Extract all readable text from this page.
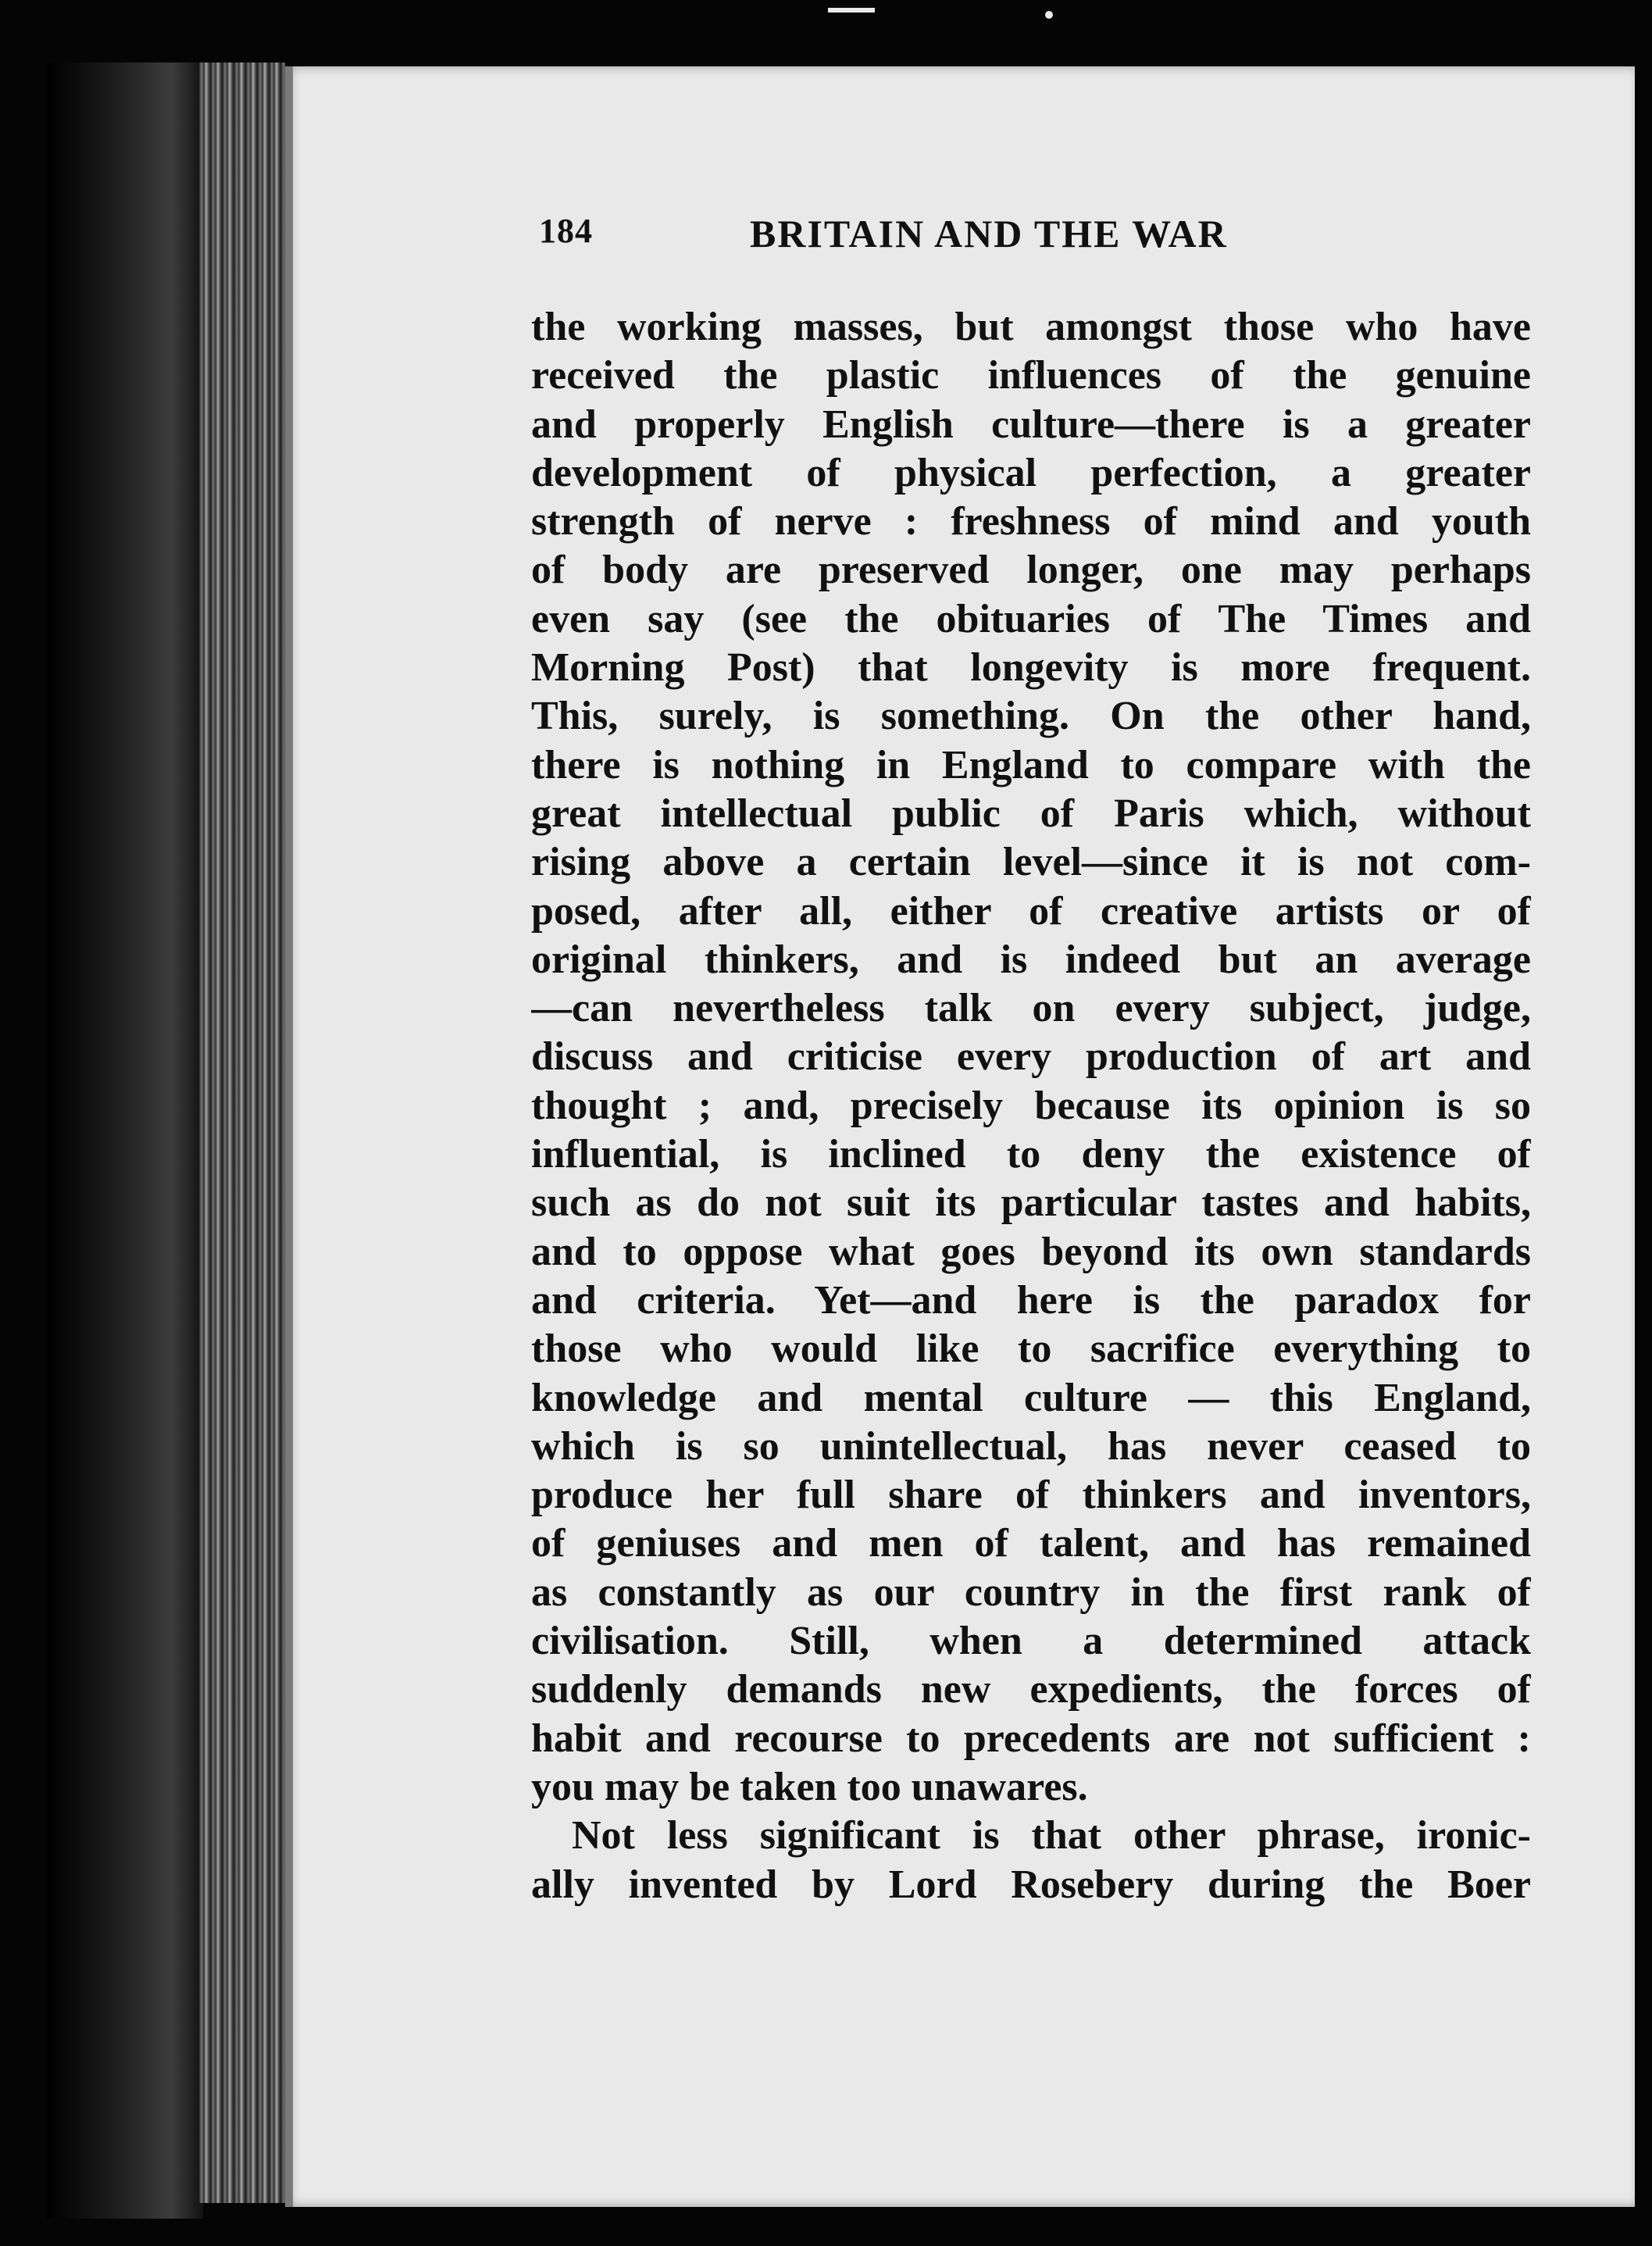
184	BRITAIN AND THE WAR
the working masses, but amongst those who have
received the plastic influences of the genuine
and properly English culture—there is a greater
development of physical perfection, a greater
strength of nerve : freshness of mind and youth
of body are preserved longer, one may perhaps
even say (see the obituaries of The Times and
Morning Post) that longevity is more frequent.
This, surely, is something. On the other hand,
there is nothing in England to compare with the
great intellectual public of Paris which, without
rising above a certain level—since it is not com-
posed, after all, either of creative artists or of
original thinkers, and is indeed but an average
—can nevertheless talk on every subject, judge,
discuss and criticise every production of art and
thought ; and, precisely because its opinion is so
influential, is inclined to deny the existence of
such as do not suit its particular tastes and habits,
and to oppose what goes beyond its own standards
and criteria. Yet—and here is the paradox for
those who would like to sacrifice everything to
knowledge and mental culture — this England,
which is so unintellectual, has never ceased to
produce her full share of thinkers and inventors,
of geniuses and men of talent, and has remained
as constantly as our country in the first rank of
civilisation. Still, when a determined attack
suddenly demands new expedients, the forces of
habit and recourse to precedents are not sufficient :
you may be taken too unawares.
Not less significant is that other phrase, ironic-
ally invented by Lord Rosebery during the Boer
